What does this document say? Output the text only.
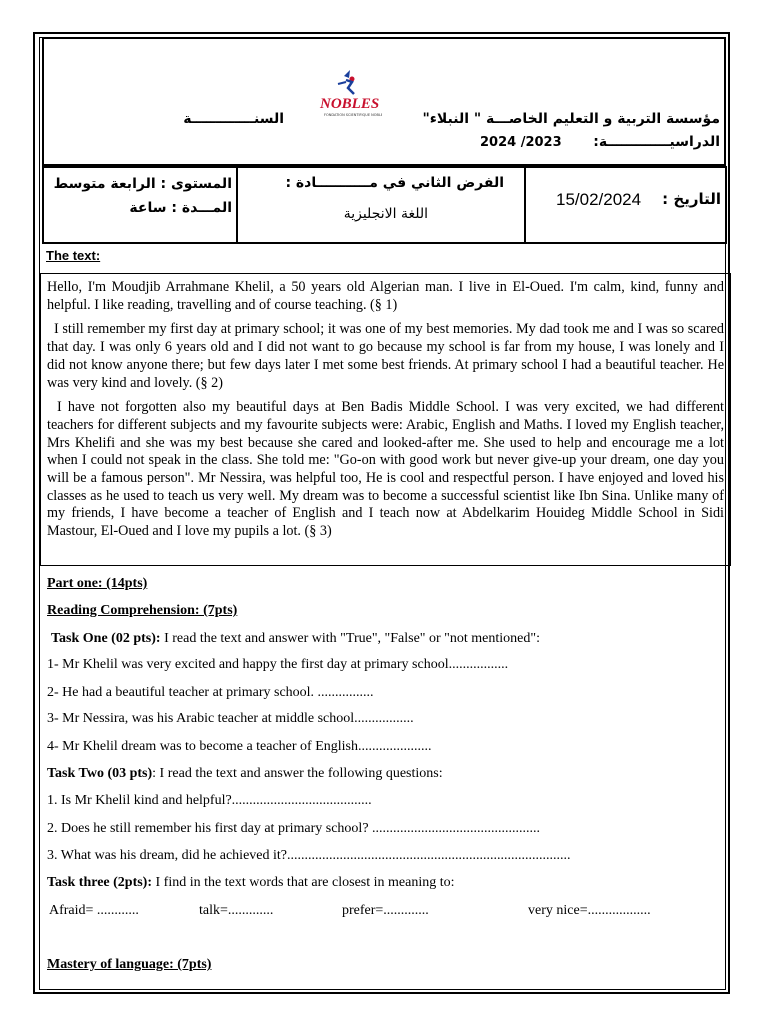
مؤسسة التربية و التعليم الخاصـــة " النبلاء"
الدراسيـــــــــــــة:
2024 /2023
السنـــــــــــــة
NOBLES
FONDATION SCIENTIFIQUE NOBLES
التاريخ :
15/02/2024
الفرض الثاني في مـــــــــــادة :
اللغة الانجليزية
المستوى : الرابعة متوسط
المـــدة : ساعة
The text:

Hello, I'm Moudjib Arrahmane Khelil, a 50 years old Algerian man. I live in El-Oued. I'm calm, kind, funny and helpful. I like reading, travelling and of course teaching. (§ 1)

I still remember my first day at primary school; it was one of my best memories. My dad took me and I was so scared that day. I was only 6 years old and I did not want to go because my school is far from my house, I was lonely and I did not know anyone there; but few days later I met some best friends. At primary school I had a beautiful teacher. He was very kind and lovely. (§ 2)

I have not forgotten also my beautiful days at Ben Badis Middle School. I was very excited, we had different teachers for different subjects and my favourite subjects were: Arabic, English and Maths. I loved my English teacher, Mrs Khelifi and she was my best because she cared and looked-after me. She used to help and encourage me a lot when I could not speak in the class. She told me: "Go-on with good work but never give-up your dream, one day you will be a famous person". Mr Nessira, was helpful too, He is cool and respectful person. I have enjoyed and loved his classes as he used to teach us very well. My dream was to become a successful scientist like Ibn Sina. Unlike many of my friends, I have become a teacher of English and I teach now at Abdelkarim Houideg Middle School in Sidi Mastour, El-Oued and I love my pupils a lot. (§ 3)

Part one: (14pts)
Reading Comprehension: (7pts)
Task One (02 pts): I read the text and answer with "True", "False" or "not mentioned":
1- Mr Khelil was very excited and happy the first day at primary school.................
2- He had a beautiful teacher at primary school. ................
3- Mr Nessira, was his Arabic teacher at middle school.................
4- Mr Khelil dream was to become a teacher of English.....................
Task Two (03 pts): I read the text and answer the following questions:
1. Is Mr Khelil kind and helpful?........................................
2. Does he still remember his first day at primary school? ................................................
3. What was his dream, did he achieved it?.................................................................................
Task three (2pts): I find in the text words that are closest in meaning to:
Afraid= ............	talk=.............	prefer=.............	very nice=..................
Mastery of language: (7pts)
